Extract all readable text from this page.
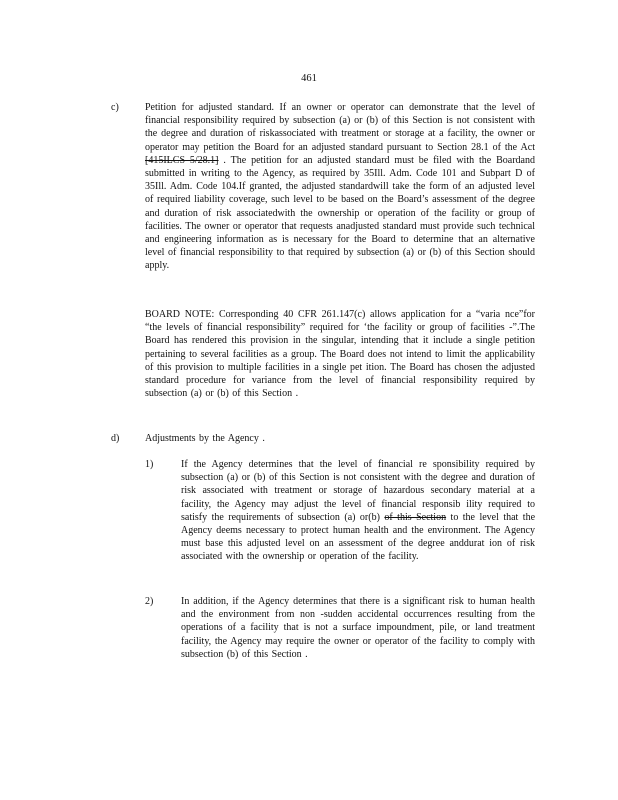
461
c)	Petition for adjusted standard. If an owner or operator can demonstrate that the level of financial responsibility required by subsection (a) or (b) of this Section is not consistent with the degree and duration of riskassociated with treatment or storage at a facility, the owner or operator may petition the Board for an adjusted standard pursuant to Section 28.1 of the Act [415ILCS 5/28.1] . The petition for an adjusted standard must be filed with the Boardand submitted in writing to the Agency, as required by 35Ill. Adm. Code 101 and Subpart D of 35Ill. Adm. Code 104.If granted, the adjusted standardwill take the form of an adjusted level of required liability coverage, such level to be based on the Board’s assessment of the degree and duration of risk associatedwith the ownership or operation of the facility or group of facilities. The owner or operator that requests anadjusted standard must provide such technical and engineering information as is necessary for the Board to determine that an alternative level of financial responsibility to that required by subsection (a) or (b) of this Section should apply.
BOARD NOTE: Corresponding 40 CFR 261.147(c) allows application for a “varia nce”for “the levels of financial responsibility” required for ‘the facility or group of facilities -”.The Board has rendered this provision in the singular, intending that it include a single petition pertaining to several facilities as a group. The Board does not intend to limit the applicability of this provision to multiple facilities in a single pet ition. The Board has chosen the adjusted standard procedure for variance from the level of financial responsibility required by subsection (a) or (b) of this Section .
d)	Adjustments by the Agency .
1)	If the Agency determines that the level of financial re sponsibility required by subsection (a) or (b) of this Section is not consistent with the degree and duration of risk associated with treatment or storage of hazardous secondary material at a facility, the Agency may adjust the level of financial responsib ility required to satisfy the requirements of subsection (a) or(b) of this Section to the level that the Agency deems necessary to protect human health and the environment. The Agency must base this adjusted level on an assessment of the degree anddurat ion of risk associated with the ownership or operation of the facility.
2)	In addition, if the Agency determines that there is a significant risk to human health and the environment from non -sudden accidental occurrences resulting from the operations of a facility that is not a surface impoundment, pile, or land treatment facility, the Agency may require the owner or operator of the facility to comply with subsection (b) of this Section .
